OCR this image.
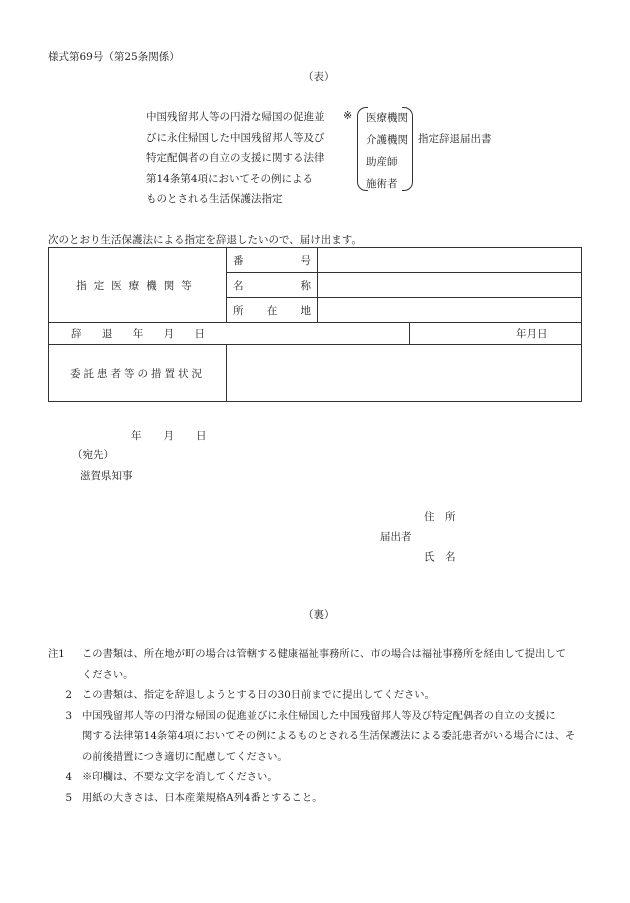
様式第69号（第25条関係）
（表）
中国残留邦人等の円滑な帰国の促進並
びに永住帰国した中国残留邦人等及び
特定配偶者の自立の支援に関する法律
第14条第4項においてその例による
ものとされる生活保護法指定
※ 医療機関
介護機関
助産師
施術者
指定辞退届出書
次のとおり生活保護法による指定を辞退したいので、届け出ます。
指定医療機関等	番 号		

	名 称		

	所 在 地		

辞 退 年 月 日			年 月 日

委託患者等の措置状況			
年 月 日
（宛先）
滋賀県知事
住　所
届出者
氏　名
（裏）
注1	この書類は、所在地が町の場合は管轄する健康福祉事務所に、市の場合は福祉事務所を経由して提出して
ください。
2 この書類は、指定を辞退しようとする日の30日前までに提出してください。
3 中国残留邦人等の円滑な帰国の促進並びに永住帰国した中国残留邦人等及び特定配偶者の自立の支援に
関する法律第14条第4項においてその例によるものとされる生活保護法による委託患者がいる場合には、そ
の前後措置につき適切に配慮してください。
4 ※印欄は、不要な文字を消してください。
5 用紙の大きさは、日本産業規格A列4番とすること。
